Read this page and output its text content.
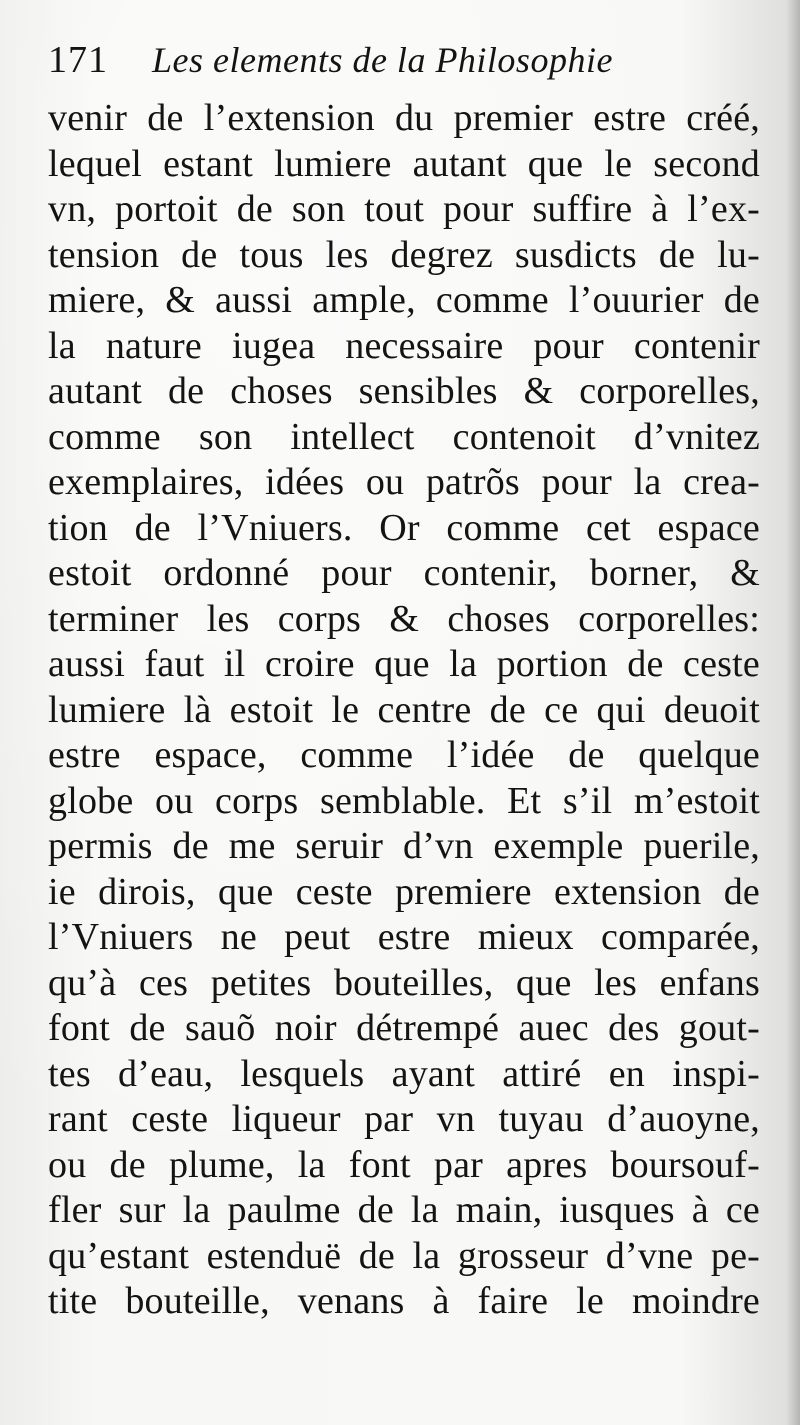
171 Les elements de la Philosophie
venir de l’extension du premier estre créé,
lequel estant lumiere autant que le second
vn, portoit de son tout pour suffire à l’ex-
tension de tous les degrez susdicts de lu-
miere, & aussi ample, comme l’ouurier de
la nature iugea necessaire pour contenir
autant de choses sensibles & corporelles,
comme son intellect contenoit d’vnitez
exemplaires, idées ou patrõs pour la crea-
tion de l’Vniuers. Or comme cet espace
estoit ordonné pour contenir, borner, &
terminer les corps & choses corporelles:
aussi faut il croire que la portion de ceste
lumiere là estoit le centre de ce qui deuoit
estre espace, comme l’idée de quelque
globe ou corps semblable. Et s’il m’estoit
permis de me seruir d’vn exemple puerile,
ie dirois, que ceste premiere extension de
l’Vniuers ne peut estre mieux comparée,
qu’à ces petites bouteilles, que les enfans
font de sauõ noir détrempé auec des gout-
tes d’eau, lesquels ayant attiré en inspi-
rant ceste liqueur par vn tuyau d’auoyne,
ou de plume, la font par apres boursouf-
fler sur la paulme de la main, iusques à ce
qu’estant estenduë de la grosseur d’vne pe-
tite bouteille, venans à faire le moindre
